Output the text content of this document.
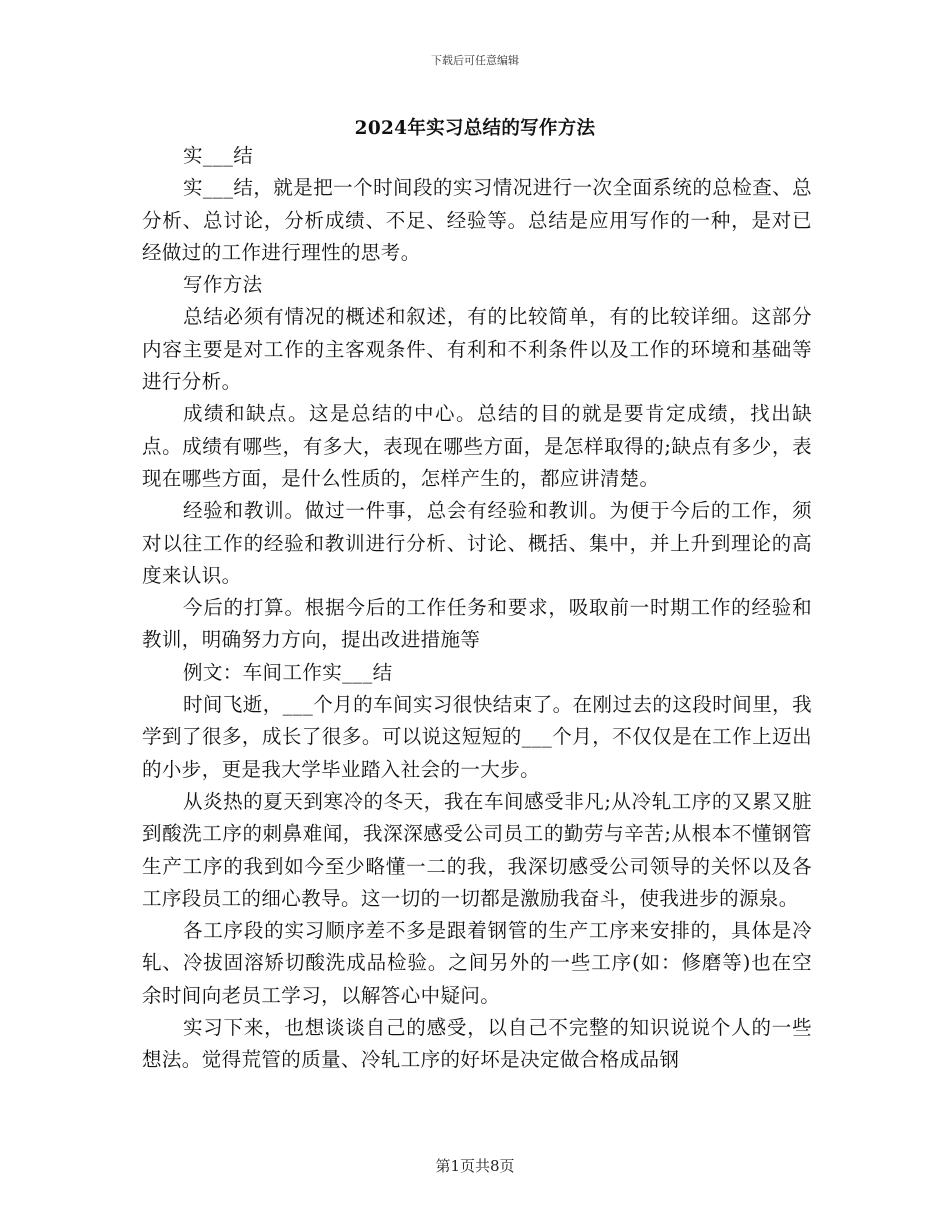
下载后可任意编辑
2024年实习总结的写作方法

实___结

实___结，就是把一个时间段的实习情况进行一次全面系统的总检查、总分析、总讨论，分析成绩、不足、经验等。总结是应用写作的一种，是对已经做过的工作进行理性的思考。

写作方法

总结必须有情况的概述和叙述，有的比较简单，有的比较详细。这部分内容主要是对工作的主客观条件、有利和不利条件以及工作的环境和基础等进行分析。

成绩和缺点。这是总结的中心。总结的目的就是要肯定成绩，找出缺点。成绩有哪些，有多大，表现在哪些方面，是怎样取得的;缺点有多少，表现在哪些方面，是什么性质的，怎样产生的，都应讲清楚。

经验和教训。做过一件事，总会有经验和教训。为便于今后的工作，须对以往工作的经验和教训进行分析、讨论、概括、集中，并上升到理论的高度来认识。

今后的打算。根据今后的工作任务和要求，吸取前一时期工作的经验和教训，明确努力方向，提出改进措施等

例文：车间工作实___结

时间飞逝，___个月的车间实习很快结束了。在刚过去的这段时间里，我学到了很多，成长了很多。可以说这短短的___个月，不仅仅是在工作上迈出的小步，更是我大学毕业踏入社会的一大步。

从炎热的夏天到寒冷的冬天，我在车间感受非凡;从冷轧工序的又累又脏到酸洗工序的刺鼻难闻，我深深感受公司员工的勤劳与辛苦;从根本不懂钢管生产工序的我到如今至少略懂一二的我，我深切感受公司领导的关怀以及各工序段员工的细心教导。这一切的一切都是激励我奋斗，使我进步的源泉。

各工序段的实习顺序差不多是跟着钢管的生产工序来安排的，具体是冷轧、冷拔固溶矫切酸洗成品检验。之间另外的一些工序(如：修磨等)也在空余时间向老员工学习，以解答心中疑问。

实习下来，也想谈谈自己的感受，以自己不完整的知识说说个人的一些想法。觉得荒管的质量、冷轧工序的好坏是决定做合格成品钢

第1页共8页
